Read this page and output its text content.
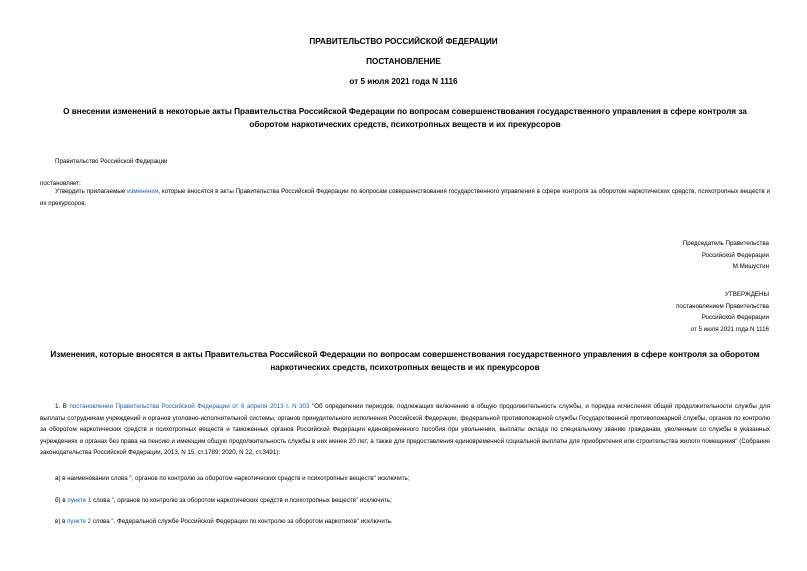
ПРАВИТЕЛЬСТВО РОССИЙСКОЙ ФЕДЕРАЦИИ
ПОСТАНОВЛЕНИЕ
от 5 июля 2021 года N 1116
О внесении изменений в некоторые акты Правительства Российской Федерации по вопросам совершенствования государственного управления в сфере контроля за оборотом наркотических средств, психотропных веществ и их прекурсоров
Правительство Российской Федерации
постановляет:
Утвердить прилагаемые изменения, которые вносятся в акты Правительства Российской Федерации по вопросам совершенствования государственного управления в сфере контроля за оборотом наркотических средств, психотропных веществ и их прекурсоров.
Председатель Правительства
Российской Федерации
М.Мишустин
УТВЕРЖДЕНЫ
постановлением Правительства
Российской Федерации
от 5 июля 2021 года N 1116
Изменения, которые вносятся в акты Правительства Российской Федерации по вопросам совершенствования государственного управления в сфере контроля за оборотом наркотических средств, психотропных веществ и их прекурсоров
1. В постановлении Правительства Российской Федерации от 6 апреля 2013 г. N 303 "Об определении периодов, подлежащих включению в общую продолжительность службы, и порядка исчисления общей продолжительности службы для выплаты сотрудникам учреждений и органов уголовно-исполнительной системы, органов принудительного исполнения Российской Федерации, федеральной противопожарной службы Государственной противопожарной службы, органов по контролю за оборотом наркотических средств и психотропных веществ и таможенных органов Российской Федерации единовременного пособия при увольнении, выплаты оклада по специальному званию гражданам, уволенным со службы в указанных учреждениях и органах без права на пенсию и имеющим общую продолжительность службы в них менее 20 лет, а также для предоставления единовременной социальной выплаты для приобретения или строительства жилого помещения" (Собрание законодательства Российской Федерации, 2013, N 15, ст.1789; 2020, N 22, ст.3491):
а) в наименовании слова ", органов по контролю за оборотом наркотических средств и психотропных веществ" исключить;
б) в пункте 1 слова ", органов по контролю за оборотом наркотических средств и психотропных веществ" исключить;
в) в пункте 2 слова ", Федеральной службе Российской Федерации по контролю за оборотом наркотиков" исключить.
